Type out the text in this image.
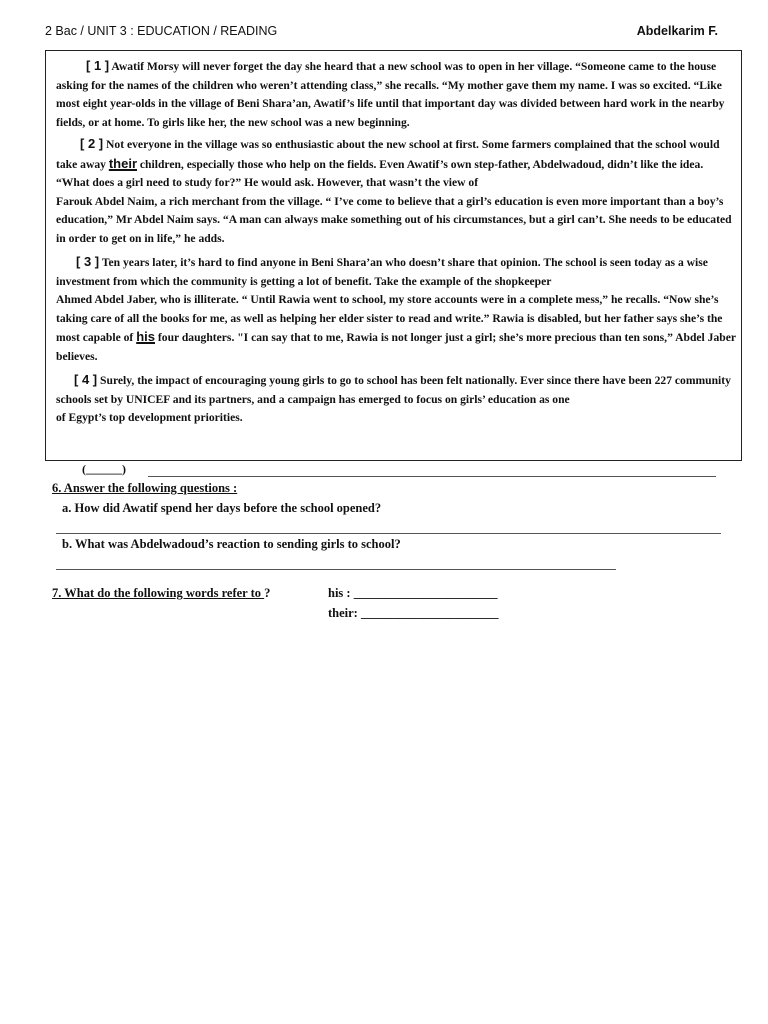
2 Bac / UNIT 3 : EDUCATION / READING	Abdelkarim F.

[ 1 ] Awatif Morsy will never forget the day she heard that a new school was to open in her village. “Someone came to the house asking for the names of the children who weren’t attending class,” she recalls. “My mother gave them my name. I was so excited. “Like most eight year-olds in the village of Beni Shara’an, Awatif’s life until that important day was divided between hard work in the nearby fields, or at home. To girls like her, the new school was a new beginning.

[ 2 ] Not everyone in the village was so enthusiastic about the new school at first. Some farmers complained that the school would take away their children, especially those who help on the fields. Even Awatif’s own step-father, Abdelwadoud, didn’t like the idea. “What does a girl need to study for?” He would ask. However, that wasn’t the view of
Farouk Abdel Naim, a rich merchant from the village. “ I’ve come to believe that a girl’s education is even more important than a boy’s education,” Mr Abdel Naim says. “A man can always make something out of his circumstances, but a girl can’t. She needs to be educated in order to get on in life,” he adds.

[ 3 ] Ten years later, it’s hard to find anyone in Beni Shara’an who doesn’t share that opinion. The school is seen today as a wise investment from which the community is getting a lot of benefit. Take the example of the shopkeeper
Ahmed Abdel Jaber, who is illiterate. “ Until Rawia went to school, my store accounts were in a complete mess,” he recalls. “Now she’s taking care of all the books for me, as well as helping her elder sister to read and write.” Rawia is disabled, but her father says she’s the most capable of his four daughters. "I can say that to me, Rawia is not longer just a girl; she’s more precious than ten sons,” Abdel Jaber believes.

[ 4 ] Surely, the impact of encouraging young girls to go to school has been felt nationally. Ever since there have been 227 community schools set by UNICEF and its partners, and a campaign has emerged to focus on girls’ education as one
of Egypt’s top development priorities.

(______)
6. Answer the following questions :
a. How did Awatif spend her days before the school opened?
b. What was Abdelwadoud’s reaction to sending girls to school?
7. What do the following words refer to ?	his : _______________________
their: ______________________
